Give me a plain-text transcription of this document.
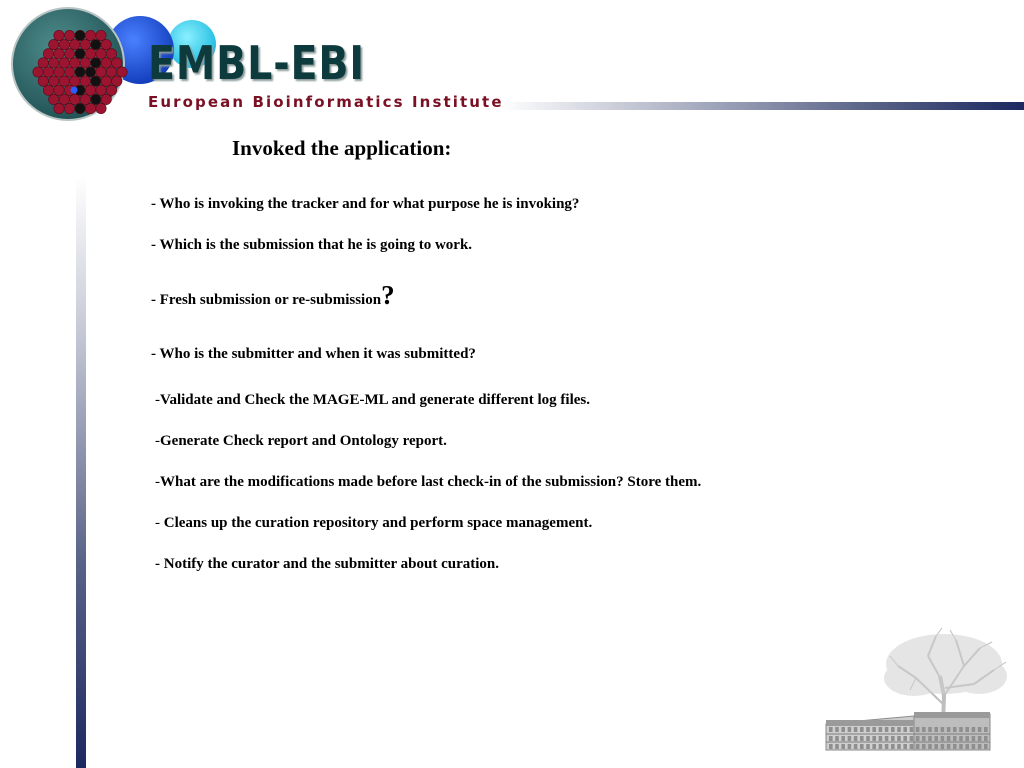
EMBL-EBI
European Bioinformatics Institute
Invoked the application:
- Who is invoking the tracker and for what purpose he is invoking?
- Which is the submission that he is going to work.
- Fresh submission or re-submission?
- Who is the submitter and when it was submitted?
-Validate and Check the MAGE-ML and generate different log files.
-Generate Check report and Ontology report.
-What are the modifications made before last check-in of the submission? Store them.
- Cleans up the curation repository and perform space management.
- Notify the curator and the submitter about curation.
